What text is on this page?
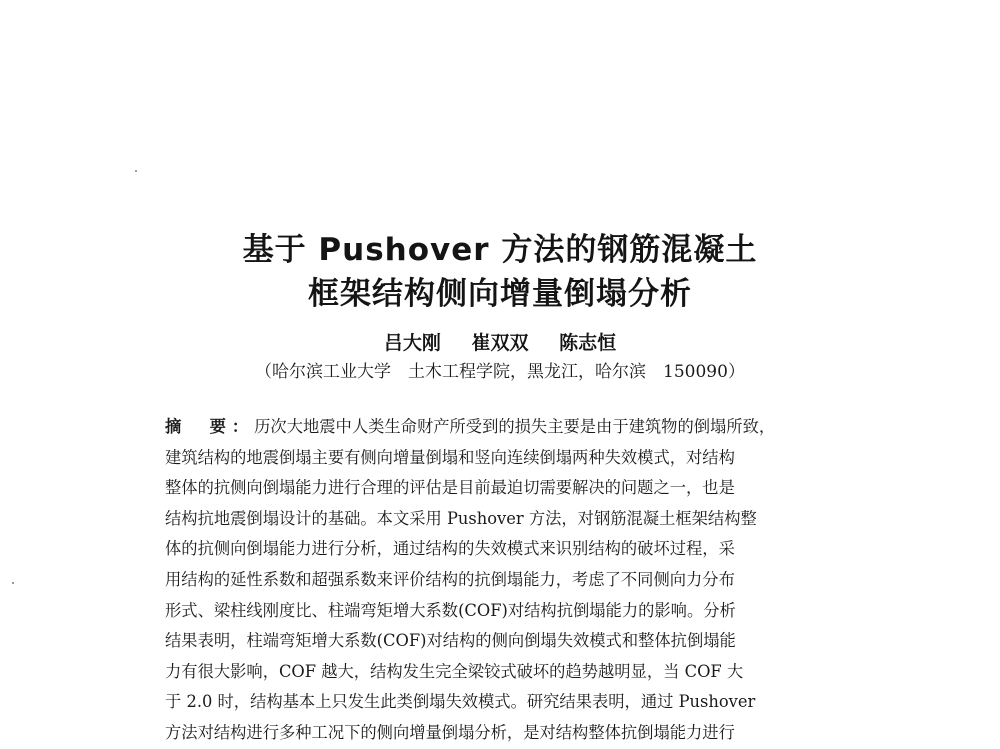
基于 Pushover 方法的钢筋混凝土
框架结构侧向增量倒塌分析
吕大刚 崔双双 陈志恒
（哈尔滨工业大学　土木工程学院，黑龙江，哈尔滨　150090）
摘　要：历次大地震中人类生命财产所受到的损失主要是由于建筑物的倒塌所致，
建筑结构的地震倒塌主要有侧向增量倒塌和竖向连续倒塌两种失效模式，对结构
整体的抗侧向倒塌能力进行合理的评估是目前最迫切需要解决的问题之一，也是
结构抗地震倒塌设计的基础。本文采用 Pushover 方法，对钢筋混凝土框架结构整
体的抗侧向倒塌能力进行分析，通过结构的失效模式来识别结构的破坏过程，采
用结构的延性系数和超强系数来评价结构的抗倒塌能力，考虑了不同侧向力分布
形式、梁柱线刚度比、柱端弯矩增大系数(COF)对结构抗倒塌能力的影响。分析
结果表明，柱端弯矩增大系数(COF)对结构的侧向倒塌失效模式和整体抗倒塌能
力有很大影响，COF 越大，结构发生完全梁铰式破坏的趋势越明显，当 COF 大
于 2.0 时，结构基本上只发生此类倒塌失效模式。研究结果表明，通过 Pushover
方法对结构进行多种工况下的侧向增量倒塌分析，是对结构整体抗倒塌能力进行
